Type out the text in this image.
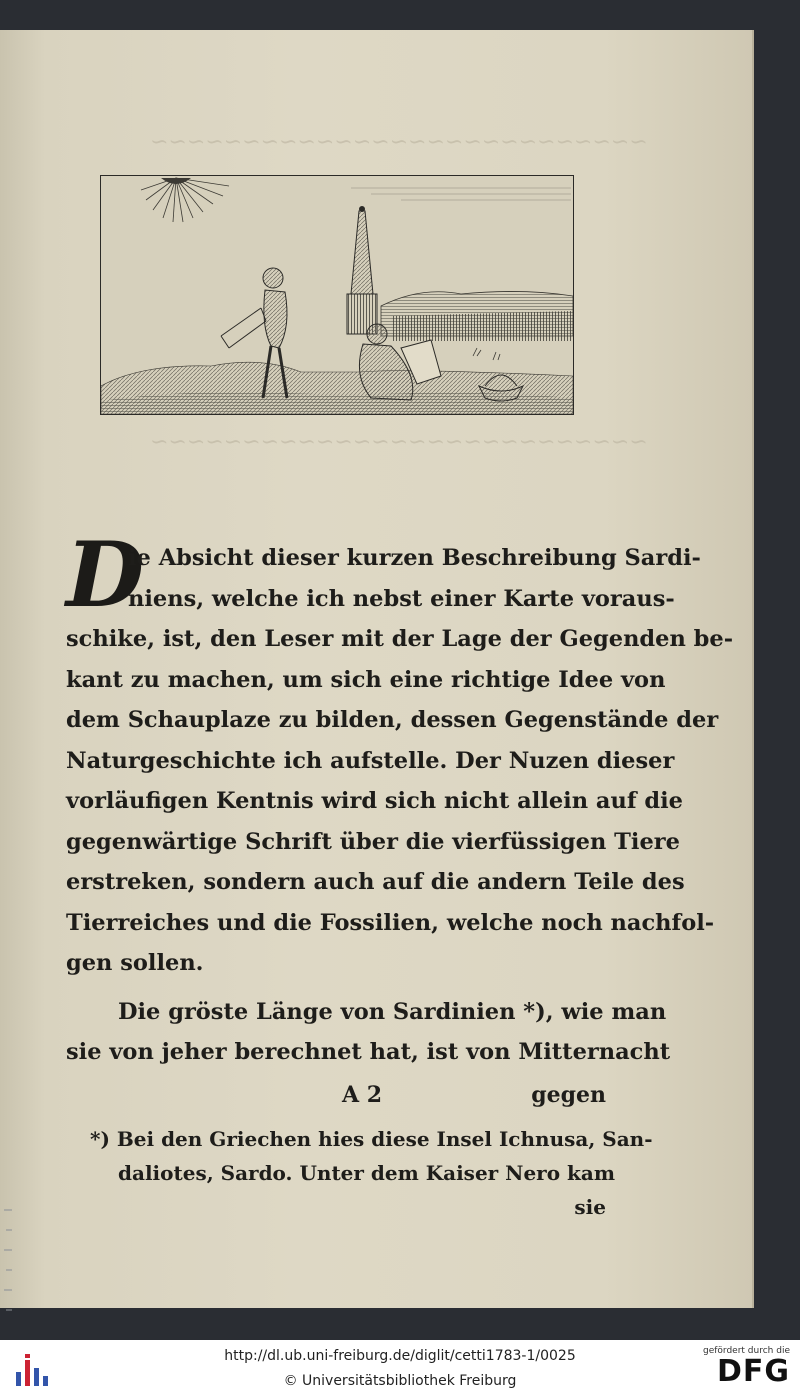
~~~~~~~~~~~~~~~~~~~~~~~~~~~
~~~~~~~~~~~~~~~~~~~~~~~~~~~
D
ie Absicht dieser kurzen Beschreibung Sardi-
niens, welche ich nebst einer Karte voraus-
schike, ist, den Leser mit der Lage der Gegenden be-
kant zu machen, um sich eine richtige Idee von
dem Schauplaze zu bilden, dessen Gegenstände der
Naturgeschichte ich aufstelle. Der Nuzen dieser
vorläufigen Kentnis wird sich nicht allein auf die
gegenwärtige Schrift über die vierfüssigen Tiere
erstreken, sondern auch auf die andern Teile des
Tierreiches und die Fossilien, welche noch nachfol-
gen sollen.
Die gröste Länge von Sardinien *), wie man
sie von jeher berechnet hat, ist von Mitternacht
A 2	gegen
*) Bei den Griechen hies diese Insel Ichnusa, San-
daliotes, Sardo. Unter dem Kaiser Nero kam
sie
http://dl.ub.uni-freiburg.de/diglit/cetti1783-1/0025
© Universitätsbibliothek Freiburg
gefördert durch die
DFG
